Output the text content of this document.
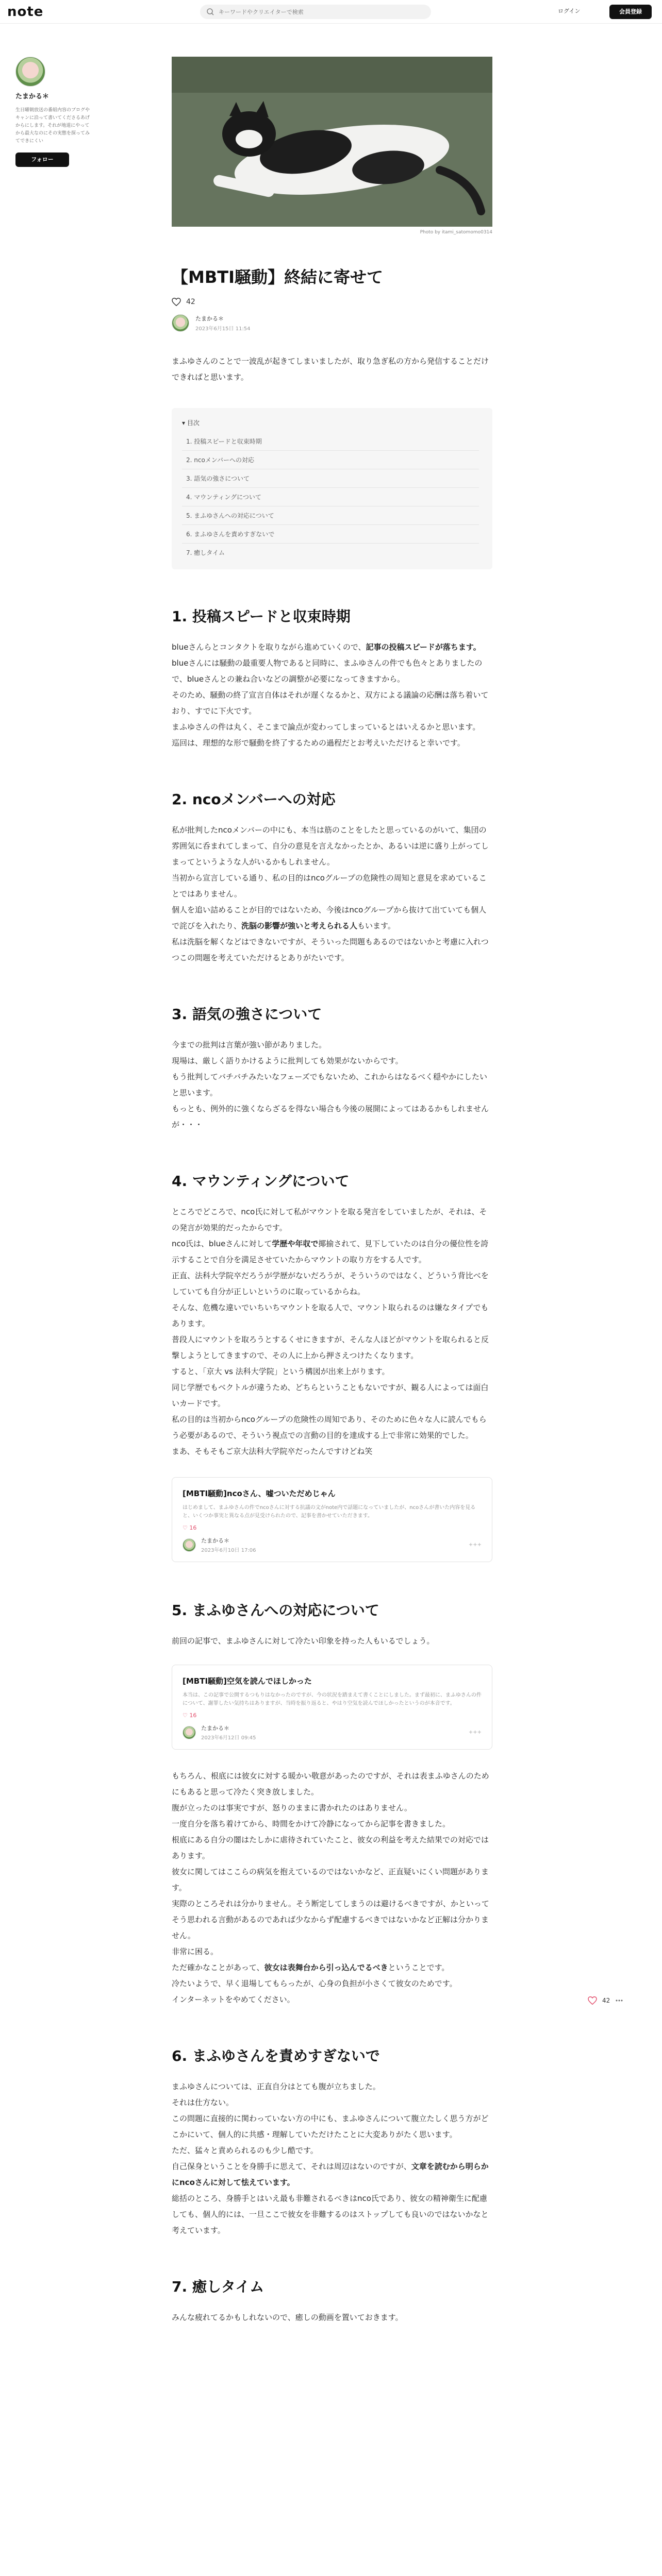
note
キーワードやクリエイターで検索	ログイン	会員登録
たまかる＊
生日曜朝放送の番組内容のブログやキャンに沿って書いてくださるあげからにします。それが地道にやってから最大なのにその実態を探ってみてできにくい
フォロー
42
Photo by itami_satomomo0314
【MBTI騒動】終結に寄せて
42
たまかる＊
2023年6月15日 11:54

まふゆさんのことで一波乱が起きてしまいましたが、取り急ぎ私の方から発信することだけできればと思います。

▾ 目次
1. 投稿スピードと収束時期
2. ncoメンバーへの対応
3. 語気の強さについて
4. マウンティングについて
5. まふゆさんへの対応について
6. まふゆさんを責めすぎないで
7. 癒しタイム
1. 投稿スピードと収束時期

blueさんらとコンタクトを取りながら進めていくので、記事の投稿スピードが落ちます。

blueさんには騒動の最重要人物であると同時に、まふゆさんの件でも色々とありましたので、blueさんとの兼ね合いなどの調整が必要になってきますから。

そのため、騒動の終了宣言自体はそれが遅くなるかと、双方による議論の応酬は落ち着いており、すでに下火です。

まふゆさんの件は丸く、そこまで論点が変わってしまっているとはいえるかと思います。

巡回は、理想的な形で騒動を終了するための過程だとお考えいただけると幸いです。

2. ncoメンバーへの対応

私が批判したncoメンバーの中にも、本当は筋のことをしたと思っているのがいて、集団の雰囲気に呑まれてしまって、自分の意見を言えなかったとか、あるいは逆に盛り上がってしまってというような人がいるかもしれません。

当初から宣言している通り、私の目的はncoグループの危険性の周知と意見を求めていることではありません。

個人を追い詰めることが目的ではないため、今後はncoグループから抜けて出ていても個人で詫びを入れたり、洗脳の影響が強いと考えられる人もいます。

私は洗脳を解くなどはできないですが、そういった問題もあるのではないかと考慮に入れつつこの問題を考えていただけるとありがたいです。

3. 語気の強さについて

今までの批判は言葉が強い節がありました。

現場は、厳しく語りかけるように批判しても効果がないからです。

もう批判してバチバチみたいなフェーズでもないため、これからはなるべく穏やかにしたいと思います。

もっとも、例外的に強くならざるを得ない場合も今後の展開によってはあるかもしれませんが・・・

4. マウンティングについて

ところでどころで、nco氏に対して私がマウントを取る発言をしていましたが、それは、その発言が効果的だったからです。

nco氏は、blueさんに対して学歴や年収で揶揄されて、見下していたのは自分の優位性を誇示することで自分を満足させていたからマウントの取り方をする人です。

正直、法科大学院卒だろうが学歴がないだろうが、そういうのではなく、どういう背比べをしていても自分が正しいというのに取っているからね。

そんな、危機な違いでいちいちマウントを取る人で、マウント取られるのは嫌なタイプでもあります。

普段人にマウントを取ろうとするくせにきますが、そんな人ほどがマウントを取られると反撃しようとしてきますので、その人に上から押さえつけたくなります。

すると、「京大 vs 法科大学院」という構図が出来上がります。

同じ学歴でもベクトルが違うため、どちらということもないですが、観る人によっては面白いカードです。

私の目的は当初からncoグループの危険性の周知であり、そのために色々な人に読んでもらう必要があるので、そういう視点での言動の目的を達成する上で非常に効果的でした。

まあ、そもそもご京大法科大学院卒だったんですけどね笑

[MBTI騒動]ncoさん、嘘ついただめじゃん
はじめまして、まふゆさんの件でncoさんに対する抗議の文がnote内で話題になっていましたが、ncoさんが書いた内容を見ると、いくつか事実と異なる点が見受けられたので、記事を書かせていただきます。
♡ 16
たまかる＊
2023年6月10日 17:06
+++
5. まふゆさんへの対応について

前回の記事で、まふゆさんに対して冷たい印象を持った人もいるでしょう。

[MBTI騒動]空気を読んでほしかった
本当は、この記事で公開するつもりはなかったのですが、今の状況を踏まえて書くことにしました。まず最初に、まふゆさんの件について、謝罪したい気持ちはありますが、当時を振り返ると、やはり空気を読んでほしかったというのが本音です。
♡ 16
たまかる＊
2023年6月12日 09:45
+++

もちろん、根底には彼女に対する暖かい敬意があったのですが、それは表まふゆさんのためにもあると思って冷たく突き放しました。

腹が立ったのは事実ですが、怒りのままに書かれたのはありません。

一度自分を落ち着けてから、時間をかけて冷静になってから記事を書きました。

根底にある自分の闇はたしかに虐待されていたこと、彼女の利益を考えた結果での対応ではあります。

彼女に関してはここらの病気を抱えているのではないかなど、正直疑いにくい問題があります。

実際のところそれは分かりません。そう断定してしまうのは避けるべきですが、かといってそう思われる言動があるのであれば少なからず配慮するべきではないかなど正解は分かりません。

非常に困る。

ただ確かなことがあって、彼女は表舞台から引っ込んでるべきということです。

冷たいようで、早く退場してもらったが、心身の負担が小さくて彼女のためです。

インターネットをやめてください。

6. まふゆさんを責めすぎないで

まふゆさんについては、正直自分はとても腹が立ちました。

それは仕方ない。

この問題に直接的に関わっていない方の中にも、まふゆさんについて腹立たしく思う方がどこかにいて、個人的に共感・理解していただけたことに大変ありがたく思います。

ただ、猛々と責められるのも少し酷です。

自己保身ということを身勝手に思えて、それは周辺はないのですが、文章を読むから明らかにncoさんに対して怯えています。

総括のところ、身勝手とはいえ最も非難されるべきはnco氏であり、彼女の精神衛生に配慮しても、個人的には、一旦ここで彼女を非難するのはストップしても良いのではないかなと考えています。

7. 癒しタイム

みんな疲れてるかもしれないので、癒しの動画を置いておきます。
